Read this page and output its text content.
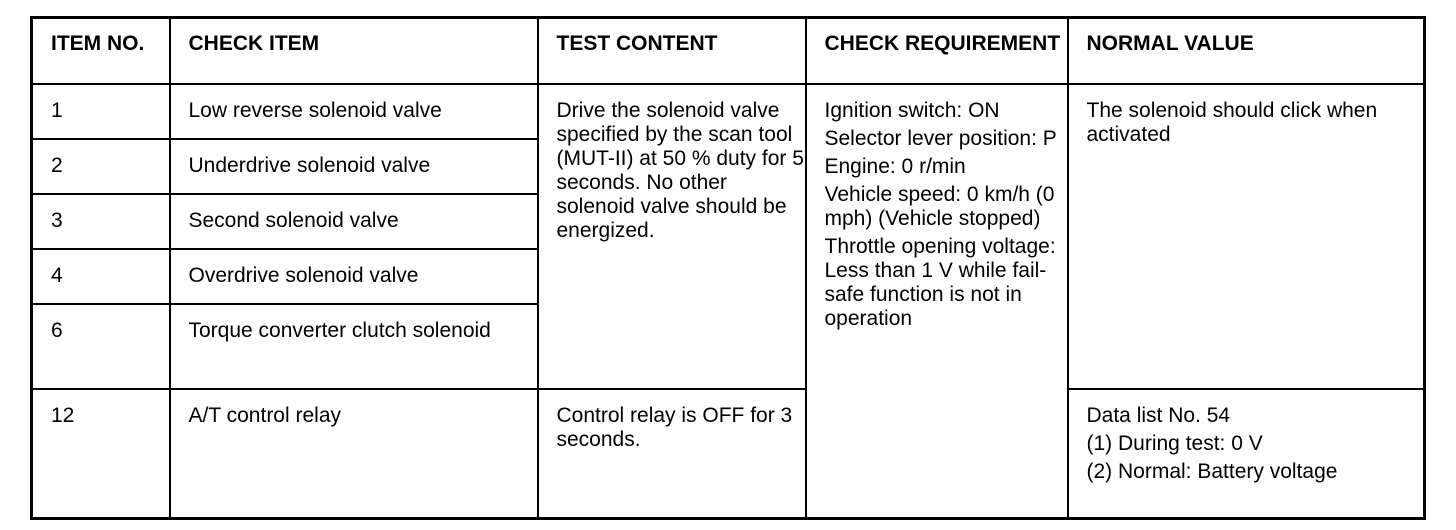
ITEM NO.	CHECK ITEM	TEST CONTENT	CHECK REQUIREMENT	NORMAL VALUE
1	Low reverse solenoid valve	Drive the solenoid valve specified by the scan tool (MUT-II) at 50 % duty for 5 seconds. No other solenoid valve should be energized.	Ignition switch: ON
Selector lever position: P
Engine: 0 r/min
Vehicle speed: 0 km/h (0 mph) (Vehicle stopped)
Throttle opening voltage: Less than 1 V while fail-safe function is not in operation	The solenoid should click when activated
2	Underdrive solenoid valve			
3	Second solenoid valve			
4	Overdrive solenoid valve			
6	Torque converter clutch solenoid			
12	A/T control relay	Control relay is OFF for 3 seconds.		Data list No. 54
(1) During test: 0 V
(2) Normal: Battery voltage
